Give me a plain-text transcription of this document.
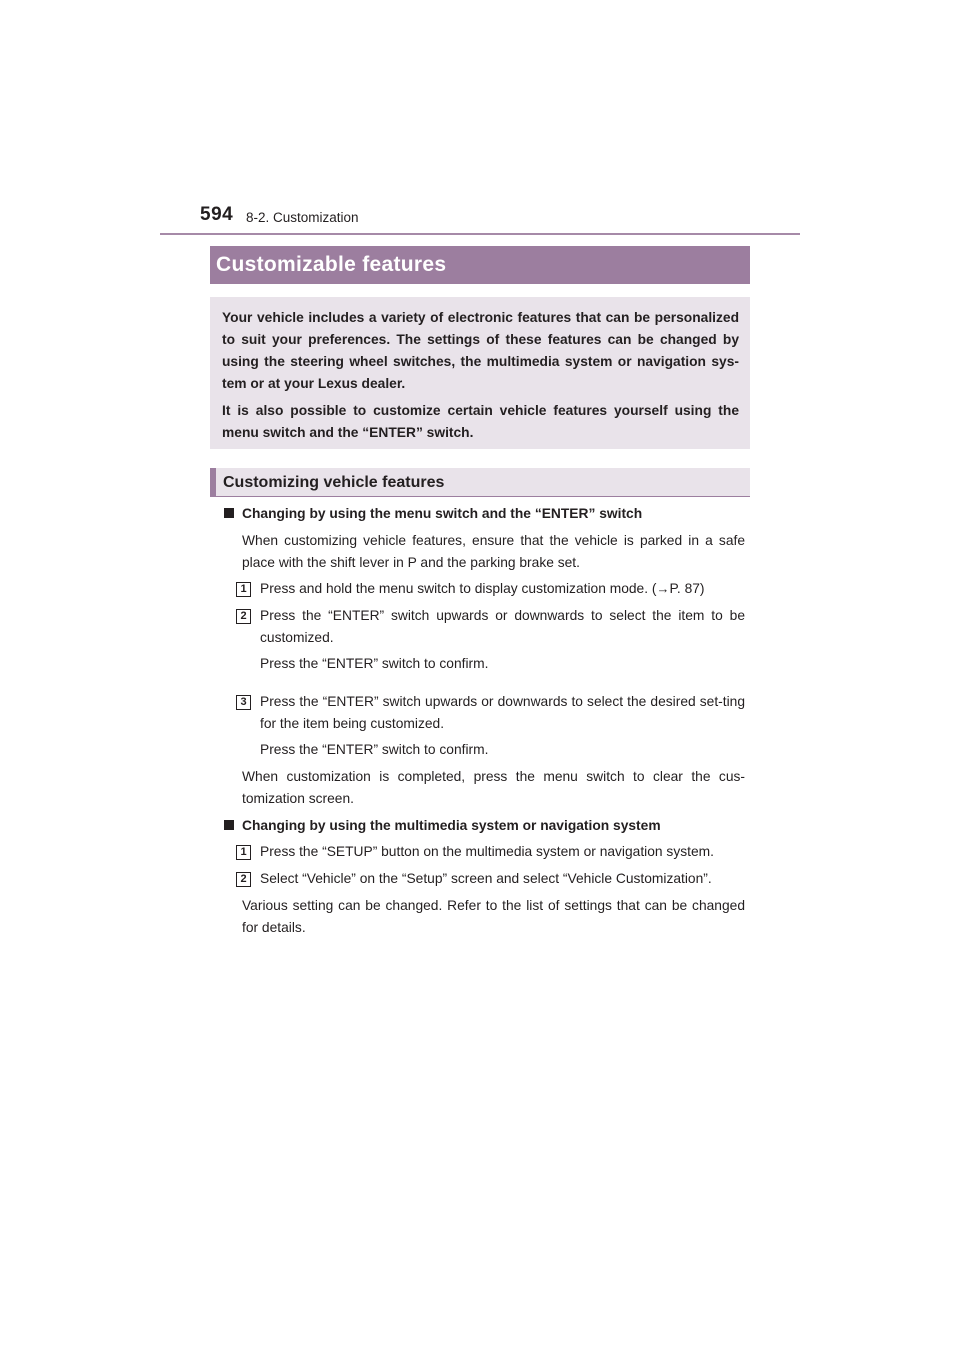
594 8-2. Customization
Customizable features

Your vehicle includes a variety of electronic features that can be personalized to suit your preferences. The settings of these features can be changed by using the steering wheel switches, the multimedia system or navigation sys-tem or at your Lexus dealer.

It is also possible to customize certain vehicle features yourself using the menu switch and the “ENTER” switch.

Customizing vehicle features
Changing by using the menu switch and the “ENTER” switch
When customizing vehicle features, ensure that the vehicle is parked in a safe place with the shift lever in P and the parking brake set.
1 Press and hold the menu switch to display customization mode. (→P. 87)
2 Press the “ENTER” switch upwards or downwards to select the item to be customized.
Press the “ENTER” switch to confirm.
3 Press the “ENTER” switch upwards or downwards to select the desired set-ting for the item being customized.
Press the “ENTER” switch to confirm.
When customization is completed, press the menu switch to clear the cus-tomization screen.
Changing by using the multimedia system or navigation system
1 Press the “SETUP” button on the multimedia system or navigation system.
2 Select “Vehicle” on the “Setup” screen and select “Vehicle Customization”.
Various setting can be changed. Refer to the list of settings that can be changed for details.
